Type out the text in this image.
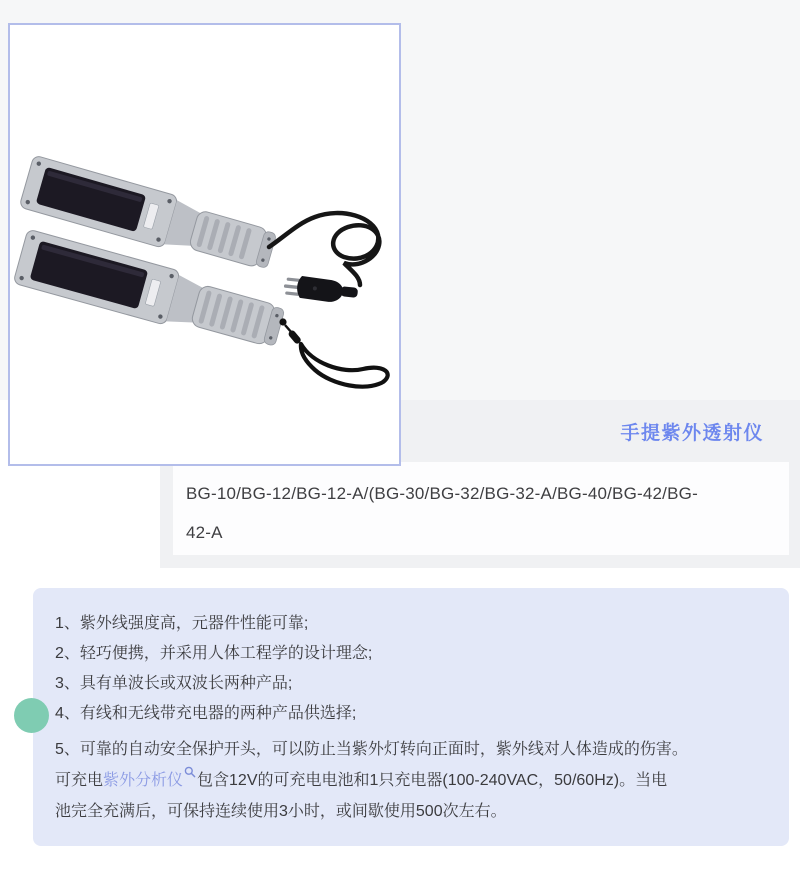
手提紫外透射仪
BG-10/BG-12/BG-12-A/(BG-30/BG-32/BG-32-A/BG-40/BG-42/BG-
42-A
1、紫外线强度高，元器件性能可靠;
2、轻巧便携，并采用人体工程学的设计理念;
3、具有单波长或双波长两种产品;
4、有线和无线带充电器的两种产品供选择;
5、可靠的自动安全保护开头，可以防止当紫外灯转向正面时，紫外线对人体造成的伤害。
可充电紫外分析仪 包含12V的可充电电池和1只充电器(100-240VAC，50/60Hz)。当电
池完全充满后，可保持连续使用3小时，或间歇使用500次左右。
